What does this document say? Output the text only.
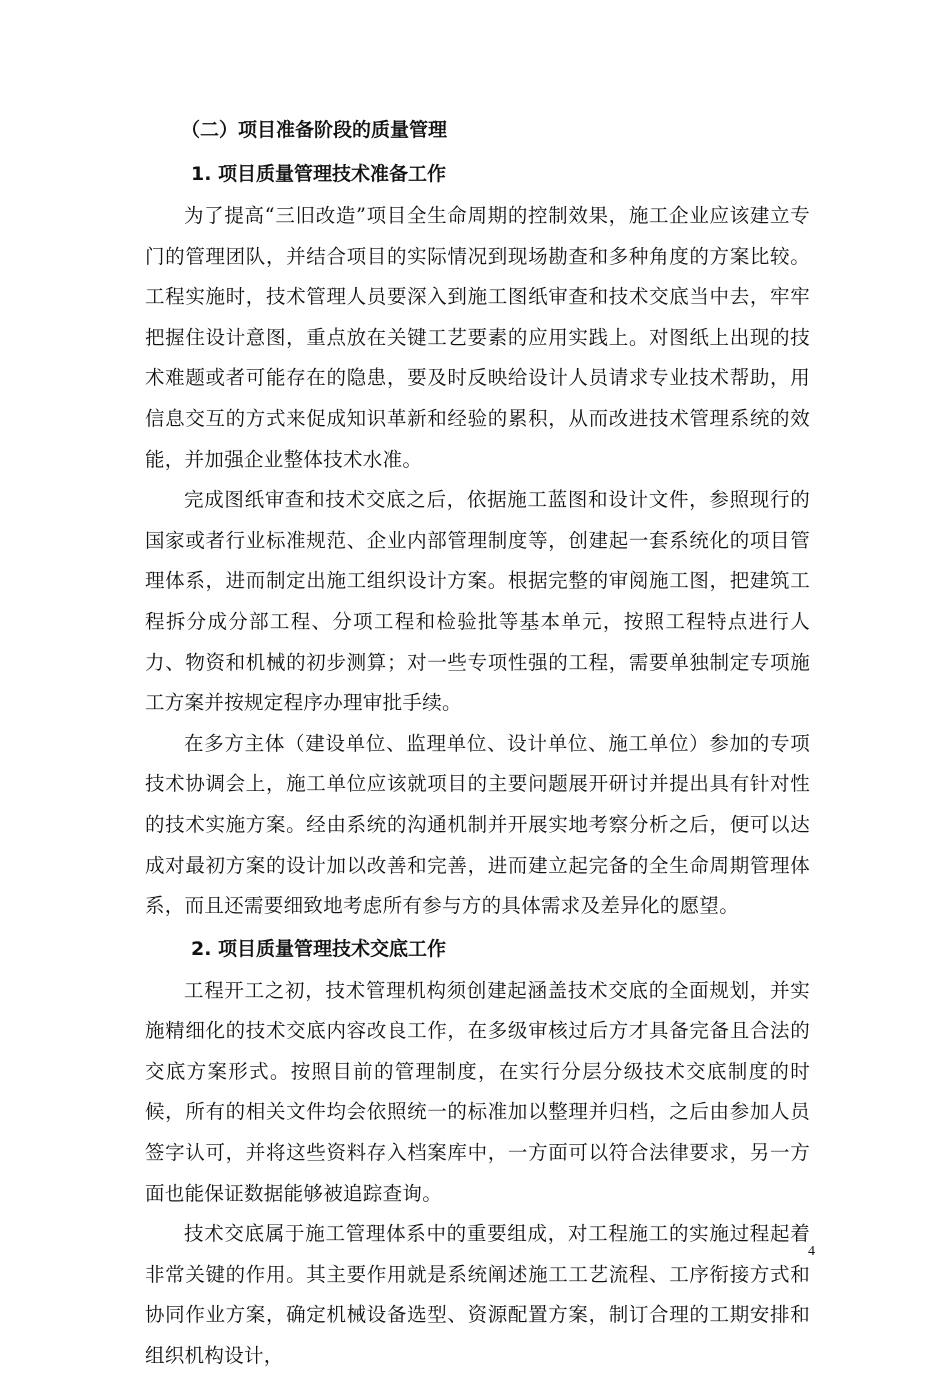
（二）项目准备阶段的质量管理
1. 项目质量管理技术准备工作

为了提高“三旧改造”项目全生命周期的控制效果，施工企业应该建立专门的管理团队，并结合项目的实际情况到现场勘查和多种角度的方案比较。工程实施时，技术管理人员要深入到施工图纸审查和技术交底当中去，牢牢把握住设计意图，重点放在关键工艺要素的应用实践上。对图纸上出现的技术难题或者可能存在的隐患，要及时反映给设计人员请求专业技术帮助，用信息交互的方式来促成知识革新和经验的累积，从而改进技术管理系统的效能，并加强企业整体技术水准。

完成图纸审查和技术交底之后，依据施工蓝图和设计文件，参照现行的国家或者行业标准规范、企业内部管理制度等，创建起一套系统化的项目管理体系，进而制定出施工组织设计方案。根据完整的审阅施工图，把建筑工程拆分成分部工程、分项工程和检验批等基本单元，按照工程特点进行人力、物资和机械的初步测算；对一些专项性强的工程，需要单独制定专项施工方案并按规定程序办理审批手续。

在多方主体（建设单位、监理单位、设计单位、施工单位）参加的专项技术协调会上，施工单位应该就项目的主要问题展开研讨并提出具有针对性的技术实施方案。经由系统的沟通机制并开展实地考察分析之后，便可以达成对最初方案的设计加以改善和完善，进而建立起完备的全生命周期管理体系，而且还需要细致地考虑所有参与方的具体需求及差异化的愿望。

2. 项目质量管理技术交底工作

工程开工之初，技术管理机构须创建起涵盖技术交底的全面规划，并实施精细化的技术交底内容改良工作，在多级审核过后方才具备完备且合法的交底方案形式。按照目前的管理制度，在实行分层分级技术交底制度的时候，所有的相关文件均会依照统一的标准加以整理并归档，之后由参加人员签字认可，并将这些资料存入档案库中，一方面可以符合法律要求，另一方面也能保证数据能够被追踪查询。

技术交底属于施工管理体系中的重要组成，对工程施工的实施过程起着非常关键的作用。其主要作用就是系统阐述施工工艺流程、工序衔接方式和协同作业方案，确定机械设备选型、资源配置方案，制订合理的工期安排和组织机构设计，

4
